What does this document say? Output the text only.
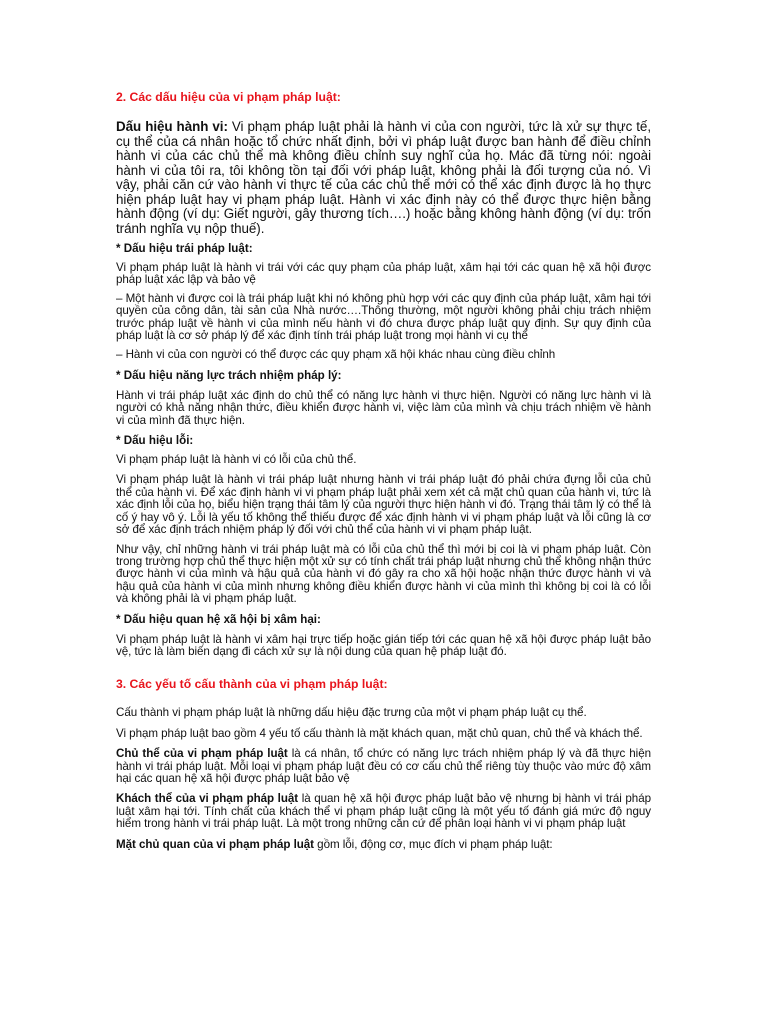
2. Các dấu hiệu của vi phạm pháp luật:

Dấu hiệu hành vi: Vi phạm pháp luật phải là hành vi của con người, tức là xử sự thực tế, cụ thể của cá nhân hoặc tổ chức nhất định, bởi vì pháp luật được ban hành để điều chỉnh hành vi của các chủ thể mà không điều chỉnh suy nghĩ của họ. Mác đã từng nói: ngoài hành vi của tôi ra, tôi không tồn tại đối với pháp luật, không phải là đối tượng của nó. Vì vậy, phải căn cứ vào hành vi thực tế của các chủ thể mới có thể xác định được là họ thực hiện pháp luật hay vi phạm pháp luật. Hành vi xác định này có thể được thực hiện bằng hành động (ví dụ: Giết người, gây thương tích….) hoặc bằng không hành động (ví dụ: trốn tránh nghĩa vụ nộp thuế).

* Dấu hiệu trái pháp luật:

Vi phạm pháp luật là hành vi trái với các quy phạm của pháp luật, xâm hại tới các quan hệ xã hội được pháp luật xác lập và bảo vệ

– Một hành vi được coi là trái pháp luật khi nó không phù hợp với các quy định của pháp luật, xâm hại tới quyền của công dân, tài sản của Nhà nước….Thông thường, một người không phải chịu trách nhiệm trước pháp luật về hành vi của mình nếu hành vi đó chưa được pháp luật quy định. Sự quy định của pháp luật là cơ sở pháp lý để xác định tính trái pháp luật trong mọi hành vi cụ thể

– Hành vi của con người có thể được các quy phạm xã hội khác nhau cùng điều chỉnh

* Dấu hiệu năng lực trách nhiệm pháp lý:

Hành vi trái pháp luật xác định do chủ thể có năng lực hành vi thực hiện. Người có năng lực hành vi là người có khả năng nhận thức, điều khiển được hành vi, việc làm của mình và chịu trách nhiệm về hành vi của mình đã thực hiện.

* Dấu hiệu lỗi:

Vi phạm pháp luật là hành vi có lỗi của chủ thể.

Vi phạm pháp luật là hành vi trái pháp luật nhưng hành vi trái pháp luật đó phải chứa đựng lỗi của chủ thể của hành vi. Để xác định hành vi vi phạm pháp luật phải xem xét cả mặt chủ quan của hành vi, tức là xác định lỗi của họ, biểu hiện trạng thái tâm lý của người thực hiện hành vi đó. Trạng thái tâm lý có thể là cố ý hay vô ý. Lỗi là yếu tố không thể thiếu được để xác định hành vi vi phạm pháp luật và lỗi cũng là cơ sở để xác định trách nhiệm pháp lý đối với chủ thể của hành vi vi phạm pháp luật.

Như vậy, chỉ những hành vi trái pháp luật mà có lỗi của chủ thể thì mới bị coi là vi phạm pháp luật. Còn trong trường hợp chủ thể thực hiện một xử sự có tính chất trái pháp luật nhưng chủ thể không nhận thức được hành vi của mình và hậu quả của hành vi đó gây ra cho xã hội hoặc nhận thức được hành vi và hậu quả của hành vi của mình nhưng không điều khiển được hành vi của mình thì không bị coi là có lỗi và không phải là vi phạm pháp luật.

* Dấu hiệu quan hệ xã hội bị xâm hại:

Vi phạm pháp luật là hành vi xâm hại trực tiếp hoặc gián tiếp tới các quan hệ xã hội được pháp luật bảo vệ, tức là làm biến dạng đi cách xử sự là nội dung của quan hệ pháp luật đó.

3. Các yếu tố cấu thành của vi phạm pháp luật:

Cấu thành vi phạm pháp luật là những dấu hiệu đặc trưng của một vi phạm pháp luật cụ thể.

Vi phạm pháp luật bao gồm 4 yếu tố cấu thành là mặt khách quan, mặt chủ quan, chủ thể và khách thể.

Chủ thể của vi phạm pháp luật là cá nhân, tổ chức có năng lực trách nhiệm pháp lý và đã thực hiện hành vi trái pháp luật. Mỗi loại vi phạm pháp luật đều có cơ cấu chủ thể riêng tùy thuộc vào mức độ xâm hại các quan hệ xã hội được pháp luật bảo vệ

Khách thể của vi phạm pháp luật là quan hệ xã hội được pháp luật bảo vệ nhưng bị hành vi trái pháp luật xâm hại tới. Tính chất của khách thể vi phạm pháp luật cũng là một yếu tố đánh giá mức độ nguy hiểm trong hành vi trái pháp luật. Là một trong những căn cứ để phân loại hành vi vi phạm pháp luật

Mặt chủ quan của vi phạm pháp luật gồm lỗi, động cơ, mục đích vi phạm pháp luật:
